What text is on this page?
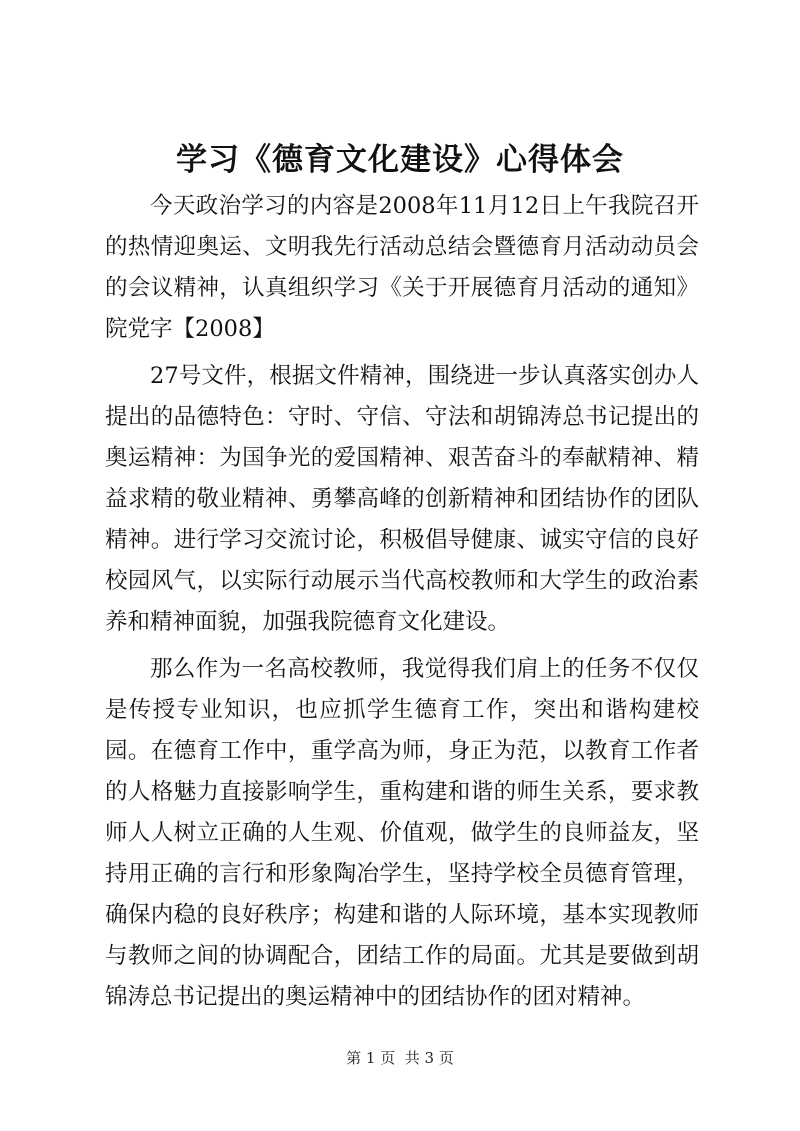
学习《德育文化建设》心得体会

今天政治学习的内容是2008年11月12日上午我院召开的热情迎奥运、文明我先行活动总结会暨德育月活动动员会的会议精神，认真组织学习《关于开展德育月活动的通知》院党字【2008】

27号文件，根据文件精神，围绕进一步认真落实创办人提出的品德特色：守时、守信、守法和胡锦涛总书记提出的奥运精神：为国争光的爱国精神、艰苦奋斗的奉献精神、精益求精的敬业精神、勇攀高峰的创新精神和团结协作的团队精神。进行学习交流讨论，积极倡导健康、诚实守信的良好校园风气，以实际行动展示当代高校教师和大学生的政治素养和精神面貌，加强我院德育文化建设。

那么作为一名高校教师，我觉得我们肩上的任务不仅仅是传授专业知识，也应抓学生德育工作，突出和谐构建校园。在德育工作中，重学高为师，身正为范，以教育工作者的人格魅力直接影响学生，重构建和谐的师生关系，要求教师人人树立正确的人生观、价值观，做学生的良师益友，坚持用正确的言行和形象陶冶学生，坚持学校全员德育管理，确保内稳的良好秩序；构建和谐的人际环境，基本实现教师与教师之间的协调配合，团结工作的局面。尤其是要做到胡锦涛总书记提出的奥运精神中的团结协作的团对精神。

第 1 页  共 3 页
